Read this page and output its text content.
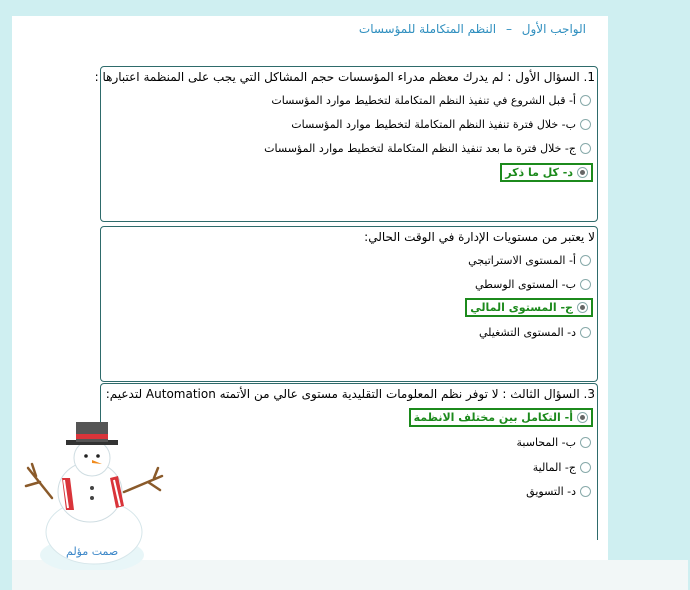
الواجب الأول – النظم المتكاملة للمؤسسات
1. السؤال الأول : لم يدرك معظم مدراء المؤسسات حجم المشاكل التي يجب على المنظمة اعتبارها :
أ- قبل الشروع في تنفيذ النظم المتكاملة لتخطيط موارد المؤسسات
ب- خلال فترة تنفيذ النظم المتكاملة لتخطيط موارد المؤسسات
ج- خلال فترة ما بعد تنفيذ النظم المتكاملة لتخطيط موارد المؤسسات
د- كل ما ذكر
لا يعتبر من مستويات الإدارة في الوقت الحالي:
أ- المستوى الاستراتيجي
ب- المستوى الوسطي
ج- المستوى المالي
د- المستوى التشغيلي
3. السؤال الثالث : لا توفر نظم المعلومات التقليدية مستوى عالي من الأتمته Automation لتدعيم:
أ- التكامل بين مختلف الانظمة
ب- المحاسبة
ج- المالية
د- التسويق
صمت مؤلم
